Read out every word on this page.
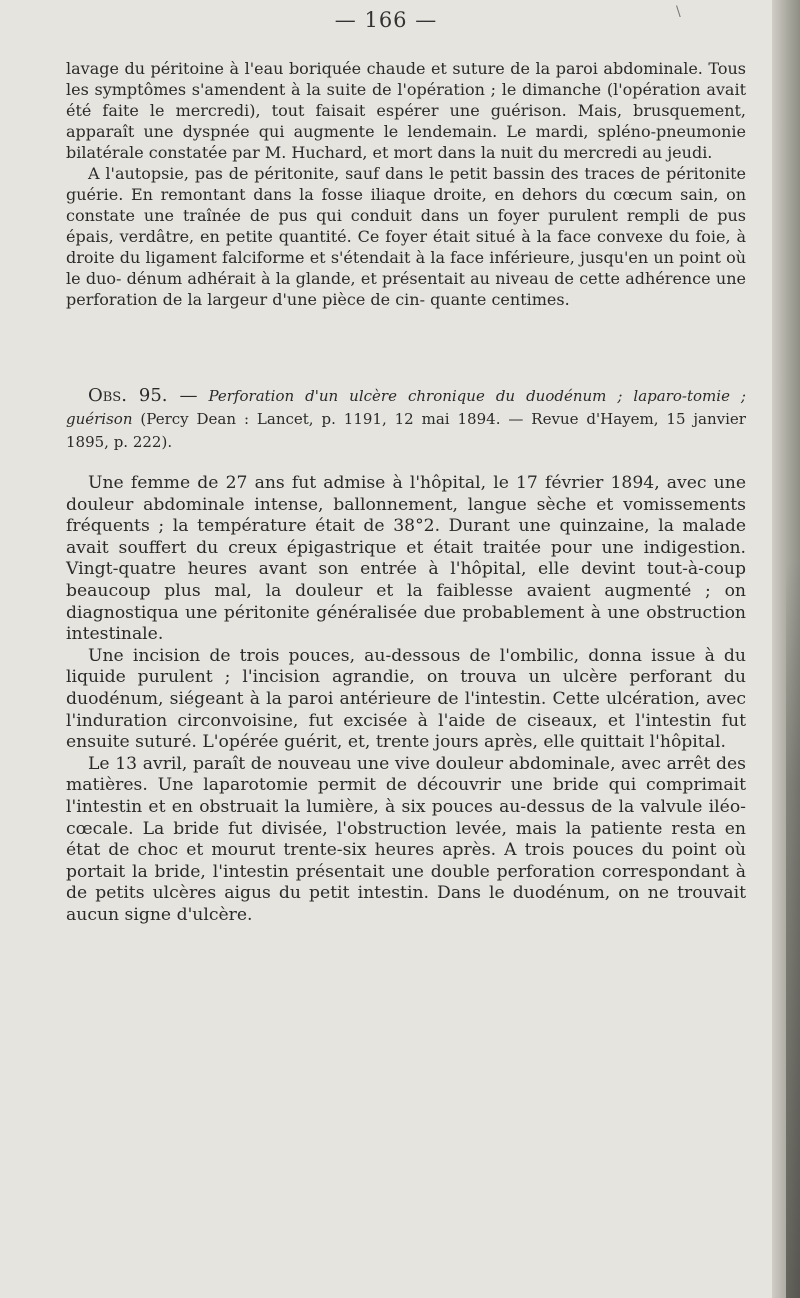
— 166 —	\

lavage du péritoine à l'eau boriquée chaude et suture de la paroi abdominale. Tous les symptômes s'amendent à la suite de l'opération ; le dimanche (l'opération avait été faite le mercredi), tout faisait espérer une guérison. Mais, brusquement, apparaît une dyspnée qui augmente le lendemain. Le mardi, spléno-pneumonie bilatérale constatée par M. Huchard, et mort dans la nuit du mercredi au jeudi.

A l'autopsie, pas de péritonite, sauf dans le petit bassin des traces de péritonite guérie. En remontant dans la fosse iliaque droite, en dehors du cœcum sain, on constate une traînée de pus qui conduit dans un foyer purulent rempli de pus épais, verdâtre, en petite quantité. Ce foyer était situé à la face convexe du foie, à droite du ligament falciforme et s'étendait à la face inférieure, jusqu'en un point où le duo- dénum adhérait à la glande, et présentait au niveau de cette adhérence une perforation de la largeur d'une pièce de cin- quante centimes.

Obs. 95. — Perforation d'un ulcère chronique du duodénum ; laparo-tomie ; guérison (Percy Dean : Lancet, p. 1191, 12 mai 1894. — Revue d'Hayem, 15 janvier 1895, p. 222).

Une femme de 27 ans fut admise à l'hôpital, le 17 février 1894, avec une douleur abdominale intense, ballonnement, langue sèche et vomissements fréquents ; la température était de 38°2. Durant une quinzaine, la malade avait souffert du creux épigastrique et était traitée pour une indigestion. Vingt-quatre heures avant son entrée à l'hôpital, elle devint tout-à-coup beaucoup plus mal, la douleur et la faiblesse avaient augmenté ; on diagnostiqua une péritonite généralisée due probablement à une obstruction intestinale.

Une incision de trois pouces, au-dessous de l'ombilic, donna issue à du liquide purulent ; l'incision agrandie, on trouva un ulcère perforant du duodénum, siégeant à la paroi antérieure de l'intestin. Cette ulcération, avec l'induration circonvoisine, fut excisée à l'aide de ciseaux, et l'intestin fut ensuite suturé. L'opérée guérit, et, trente jours après, elle quittait l'hôpital.

Le 13 avril, paraît de nouveau une vive douleur abdominale, avec arrêt des matières. Une laparotomie permit de découvrir une bride qui comprimait l'intestin et en obstruait la lumière, à six pouces au-dessus de la valvule iléo-cœcale. La bride fut divisée, l'obstruction levée, mais la patiente resta en état de choc et mourut trente-six heures après. A trois pouces du point où portait la bride, l'intestin présentait une double perforation correspondant à de petits ulcères aigus du petit intestin. Dans le duodénum, on ne trouvait aucun signe d'ulcère.
